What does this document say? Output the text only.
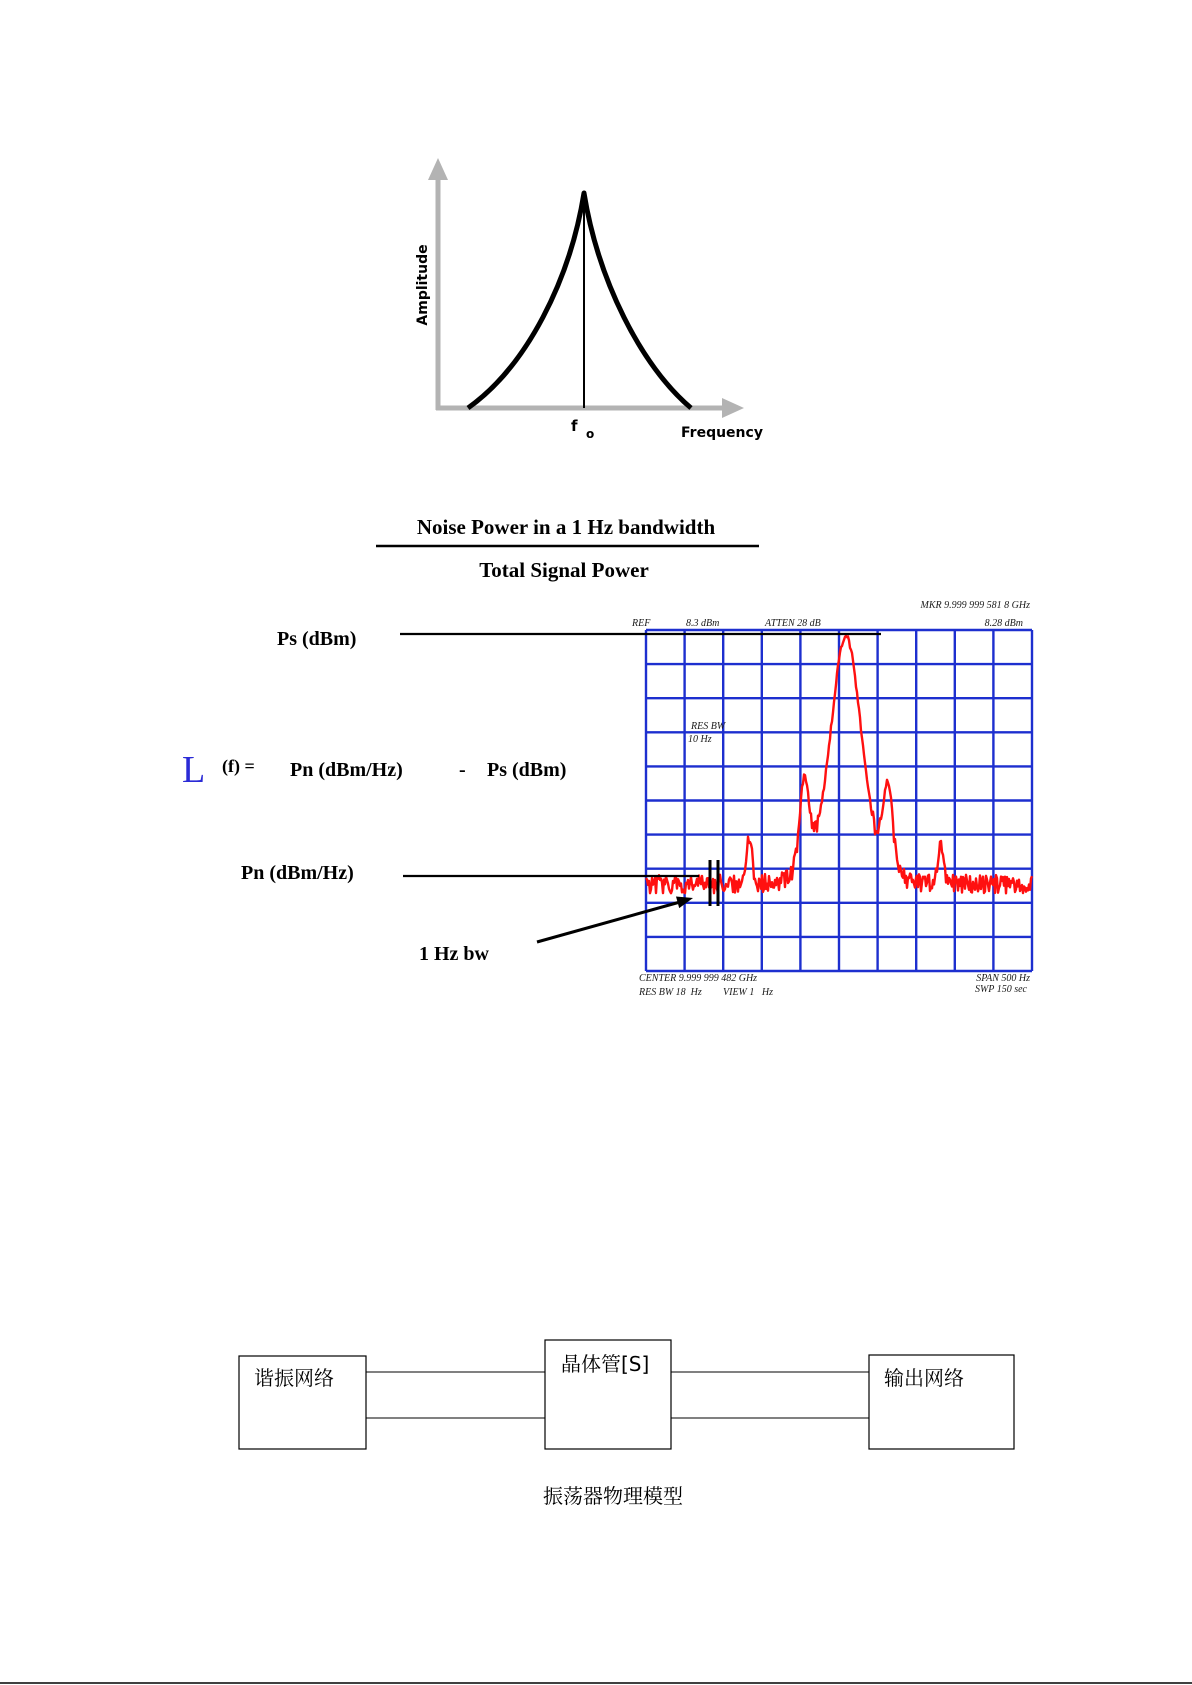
Amplitude
Frequency
f o
Noise Power in a 1 Hz bandwidth
Total Signal Power
MKR 9.999 999 581 8 GHz
REF	8.3 dBm	ATTEN 28 dB	8.28 dBm
RES BW
10 Hz
CENTER 9.999 999 482 GHz
RES BW 18  Hz VIEW 1   Hz
SPAN 500 Hz
SWP 150 sec
Ps (dBm)
L (f) = Pn (dBm/Hz)	- Ps (dBm)
Pn (dBm/Hz)
1 Hz bw
谐振网络
晶体管[S]
输出网络
振荡器物理模型
